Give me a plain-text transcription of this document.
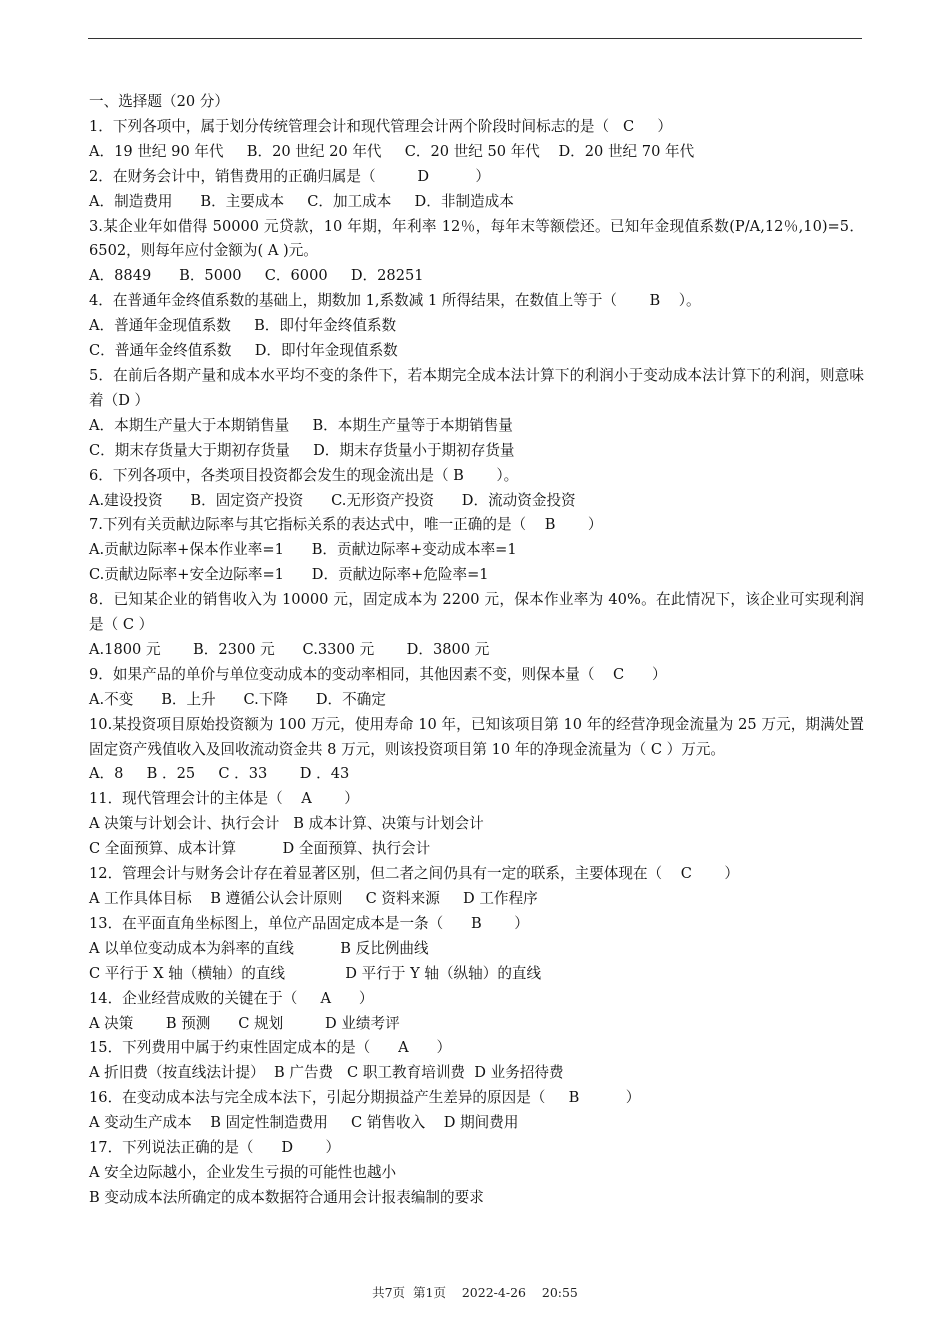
一、选择题（20 分）

1．下列各项中，属于划分传统管理会计和现代管理会计两个阶段时间标志的是（   C     ）

A．19 世纪 90 年代     B．20 世纪 20 年代     C．20 世纪 50 年代    D．20 世纪 70 年代

2．在财务会计中，销售费用的正确归属是（         D          ）

A．制造费用      B．主要成本     C．加工成本     D．非制造成本

3.某企业年如借得 50000 元贷款，10 年期，年利率 12％，每年末等额偿还。已知年金现值系数(P/A,12％,10)=5．6502，则每年应付金额为( A )元。

A．8849      B．5000     C．6000     D．28251

4．在普通年金终值系数的基础上，期数加 1,系数减 1 所得结果，在数值上等于（       B    ）。

A．普通年金现值系数     B．即付年金终值系数

C．普通年金终值系数     D．即付年金现值系数

5．在前后各期产量和成本水平均不变的条件下，若本期完全成本法计算下的利润小于变动成本法计算下的利润，则意味着（D ）

A．本期生产量大于本期销售量     B．本期生产量等于本期销售量

C．期末存货量大于期初存货量     D．期末存货量小于期初存货量

6．下列各项中，各类项目投资都会发生的现金流出是（ B       ）。

A.建设投资      B．固定资产投资      C.无形资产投资      D．流动资金投资

7.下列有关贡献边际率与其它指标关系的表达式中，唯一正确的是（    B       ）

A.贡献边际率+保本作业率=1      B．贡献边际率+变动成本率=1

C.贡献边际率+安全边际率=1      D．贡献边际率+危险率=1

8．已知某企业的销售收入为 10000 元，固定成本为 2200 元，保本作业率为 40%。在此情况下，该企业可实现利润是（ C ）

A.1800 元       B．2300 元      C.3300 元       D．3800 元

9．如果产品的单价与单位变动成本的变动率相同，其他因素不变，则保本量（    C      ）

A.不变      B．上升      C.下降      D．不确定

10.某投资项目原始投资额为 100 万元，使用寿命 10 年，已知该项目第 10 年的经营净现金流量为 25 万元，期满处置固定资产残值收入及回收流动资金共 8 万元，则该投资项目第 10 年的净现金流量为（ C ）万元。

A．8     B ．25     C ．33       D ．43

11．现代管理会计的主体是（    A       ）

A 决策与计划会计、执行会计   B 成本计算、决策与计划会计

C 全面预算、成本计算          D 全面预算、执行会计

12．管理会计与财务会计存在着显著区别，但二者之间仍具有一定的联系，主要体现在（    C       ）

A 工作具体目标    B 遵循公认会计原则     C 资料来源     D 工作程序

13．在平面直角坐标图上，单位产品固定成本是一条（      B       ）

A 以单位变动成本为斜率的直线          B 反比例曲线

C 平行于 X 轴（横轴）的直线             D 平行于 Y 轴（纵轴）的直线

14．企业经营成败的关键在于（     A      ）

A 决策       B 预测      C 规划         D 业绩考评

15．下列费用中属于约束性固定成本的是（      A      ）

A 折旧费（按直线法计提）  B 广告费   C 职工教育培训费  D 业务招待费

16．在变动成本法与完全成本法下，引起分期损益产生差异的原因是（     B          ）

A 变动生产成本    B 固定性制造费用     C 销售收入    D 期间费用

17．下列说法正确的是（      D       ）

A 安全边际越小，企业发生亏损的可能性也越小

B 变动成本法所确定的成本数据符合通用会计报表编制的要求

共7页  第1页    2022-4-26    20:55
